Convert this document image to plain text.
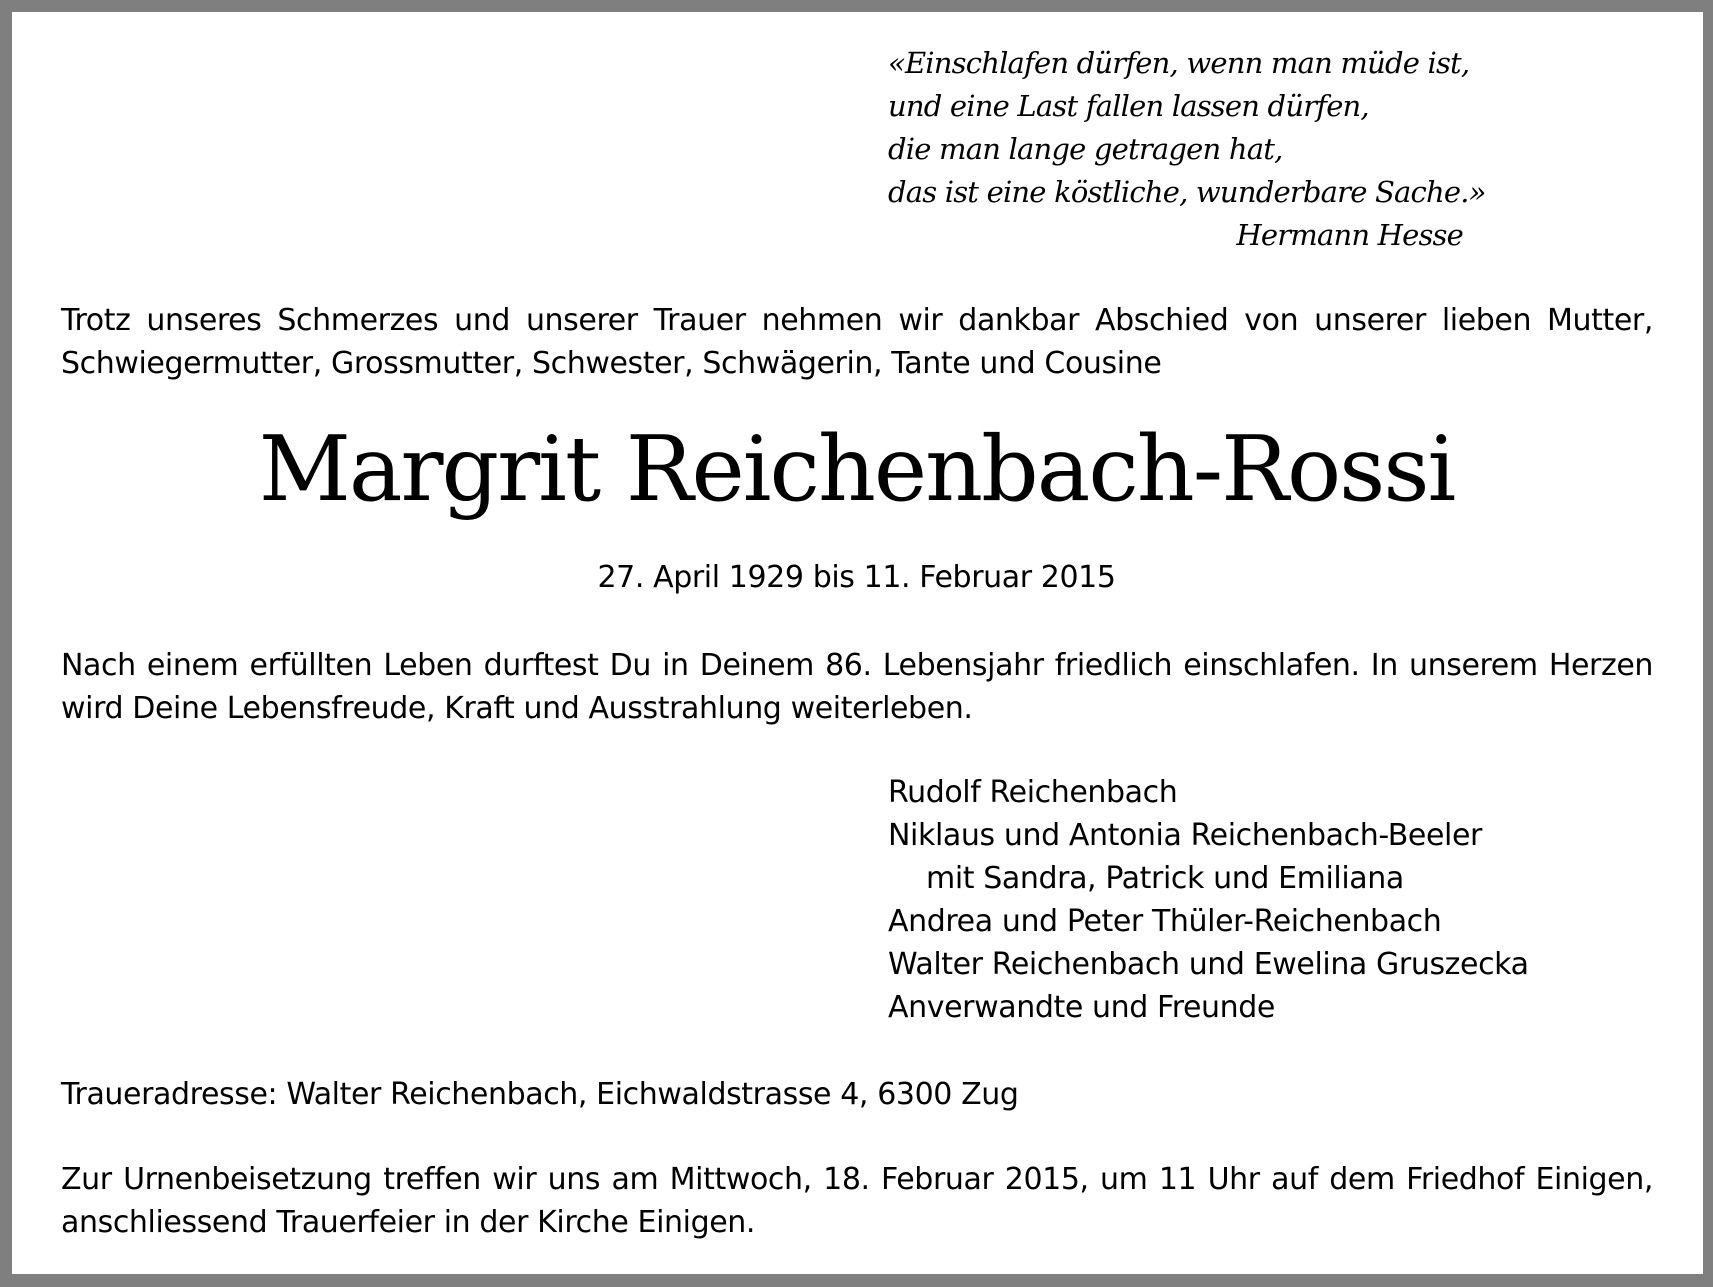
«Einschlafen dürfen, wenn man müde ist,
und eine Last fallen lassen dürfen,
die man lange getragen hat,
das ist eine köstliche, wunderbare Sache.»
Hermann Hesse
Trotz unseres Schmerzes und unserer Trauer nehmen wir dankbar Abschied von unserer lieben Mutter, Schwiegermutter, Grossmutter, Schwester, Schwägerin, Tante und Cousine
Margrit Reichenbach-Rossi
27. April 1929 bis 11. Februar 2015
Nach einem erfüllten Leben durftest Du in Deinem 86. Lebensjahr friedlich einschlafen. In unserem Herzen wird Deine Lebensfreude, Kraft und Ausstrahlung weiterleben.
Rudolf Reichenbach
Niklaus und Antonia Reichenbach-Beeler
mit Sandra, Patrick und Emiliana
Andrea und Peter Thüler-Reichenbach
Walter Reichenbach und Ewelina Gruszecka
Anverwandte und Freunde
Traueradresse: Walter Reichenbach, Eichwaldstrasse 4, 6300 Zug
Zur Urnenbeisetzung treffen wir uns am Mittwoch, 18. Februar 2015, um 11 Uhr auf dem Friedhof Einigen, anschliessend Trauerfeier in der Kirche Einigen.
